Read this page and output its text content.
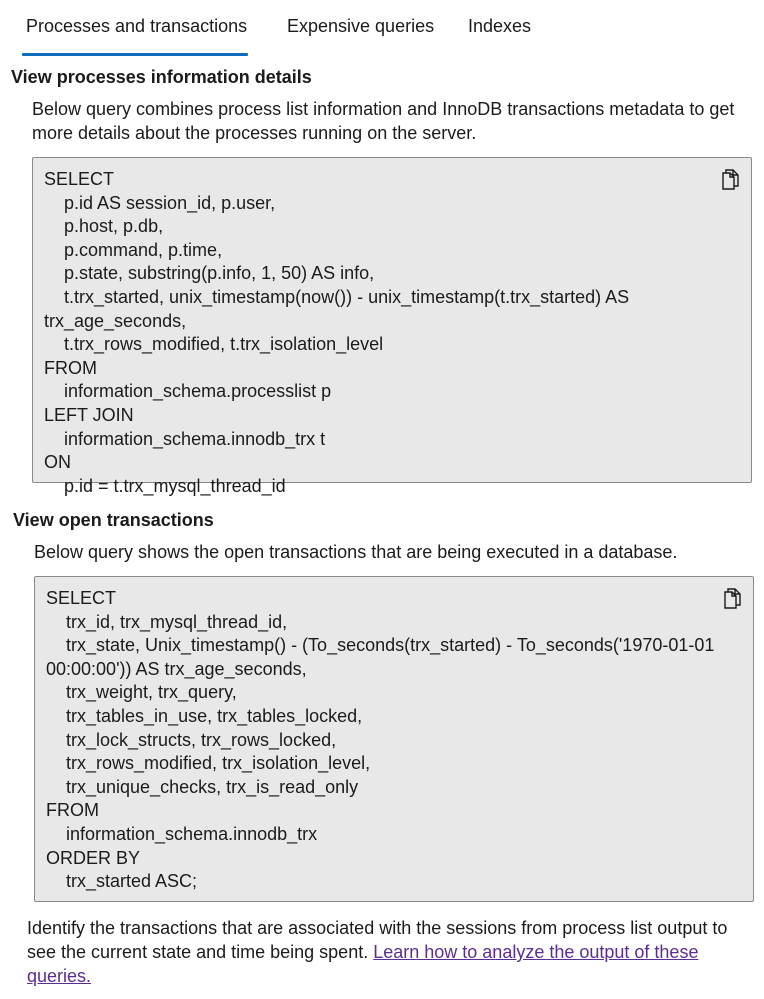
Processes and transactions Expensive queries Indexes
View processes information details

Below query combines process list information and InnoDB transactions metadata to get more details about the processes running on the server.

SELECT
p.id AS session_id, p.user,
p.host, p.db,
p.command, p.time,
p.state, substring(p.info, 1, 50) AS info,
t.trx_started, unix_timestamp(now()) - unix_timestamp(t.trx_started) AS
trx_age_seconds,
t.trx_rows_modified, t.trx_isolation_level
FROM
information_schema.processlist p
LEFT JOIN
information_schema.innodb_trx t
ON
p.id = t.trx_mysql_thread_id
View open transactions

Below query shows the open transactions that are being executed in a database.

SELECT
trx_id, trx_mysql_thread_id,
trx_state, Unix_timestamp() - (To_seconds(trx_started) - To_seconds('1970-01-01
00:00:00')) AS trx_age_seconds,
trx_weight, trx_query,
trx_tables_in_use, trx_tables_locked,
trx_lock_structs, trx_rows_locked,
trx_rows_modified, trx_isolation_level,
trx_unique_checks, trx_is_read_only
FROM
information_schema.innodb_trx
ORDER BY
trx_started ASC;

Identify the transactions that are associated with the sessions from process list output to see the current state and time being spent. Learn how to analyze the output of these queries.
